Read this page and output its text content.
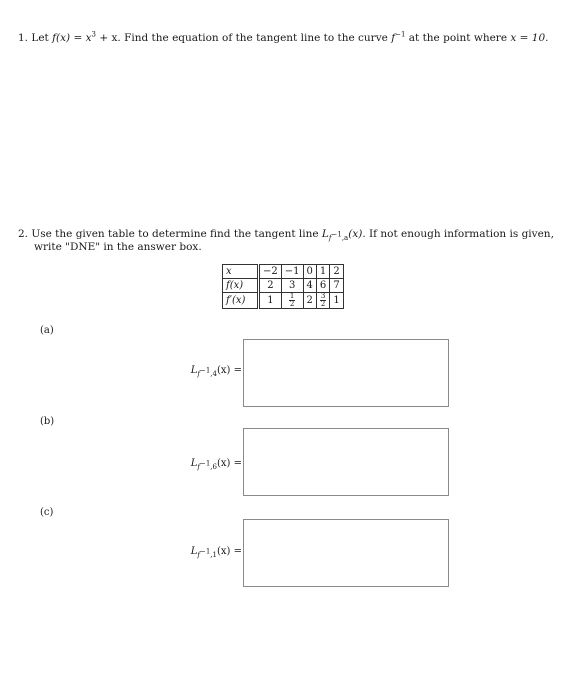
1. Let $f(x) = x^3 + x$. Find the equation of the tangent line to the curve $f^{-1}$ at the point where x = 10.
2. Use the given table to determine find the tangent line $L_{f^{-1},a}(x)$. If not enough information is given,
write "DNE" in the answer box.
x	−2	−1	0	1	2
f(x)	2	3	4	6	7
f′(x)	1	$\frac{1}{2}$	2	$\frac{3}{2}$	1
(a)
$L_{f^{-1},4}(x)$ =
(b)
$L_{f^{-1},6}(x)$ =
(c)
$L_{f^{-1},1}(x)$ =
